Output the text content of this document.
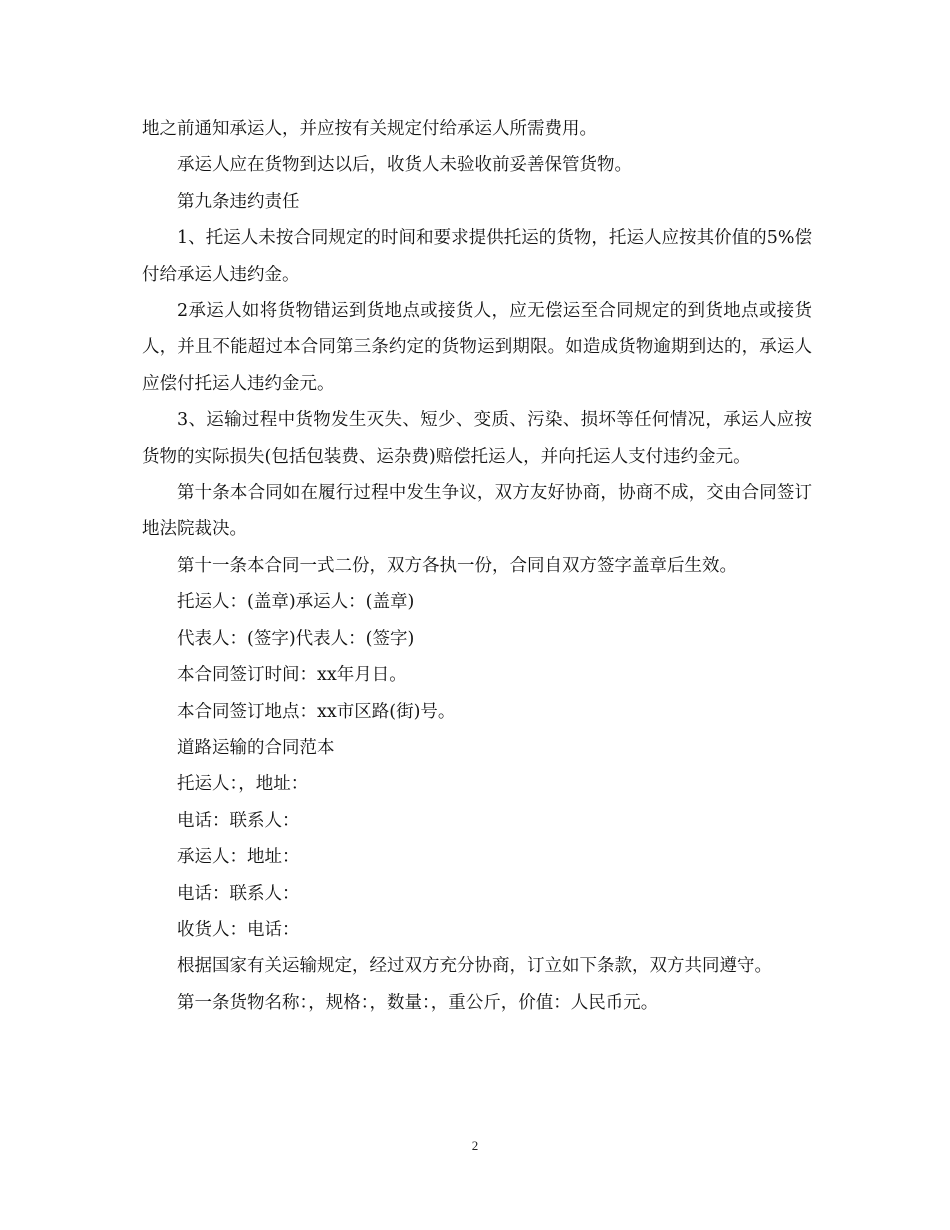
地之前通知承运人，并应按有关规定付给承运人所需费用。

承运人应在货物到达以后，收货人未验收前妥善保管货物。

第九条违约责任

1、托运人未按合同规定的时间和要求提供托运的货物，托运人应按其价值的5%偿付给承运人违约金。

2承运人如将货物错运到货地点或接货人，应无偿运至合同规定的到货地点或接货人，并且不能超过本合同第三条约定的货物运到期限。如造成货物逾期到达的，承运人应偿付托运人违约金元。

3、运输过程中货物发生灭失、短少、变质、污染、损坏等任何情况，承运人应按货物的实际损失(包括包装费、运杂费)赔偿托运人，并向托运人支付违约金元。

第十条本合同如在履行过程中发生争议，双方友好协商，协商不成，交由合同签订地法院裁决。

第十一条本合同一式二份，双方各执一份，合同自双方签字盖章后生效。

托运人：(盖章)承运人：(盖章)

代表人：(签字)代表人：(签字)

本合同签订时间：xx年月日。

本合同签订地点：xx市区路(街)号。

道路运输的合同范本

托运人：，地址：

电话：联系人：

承运人：地址：

电话：联系人：

收货人：电话：

根据国家有关运输规定，经过双方充分协商，订立如下条款，双方共同遵守。

第一条货物名称：，规格：，数量：，重公斤，价值：人民币元。

2
